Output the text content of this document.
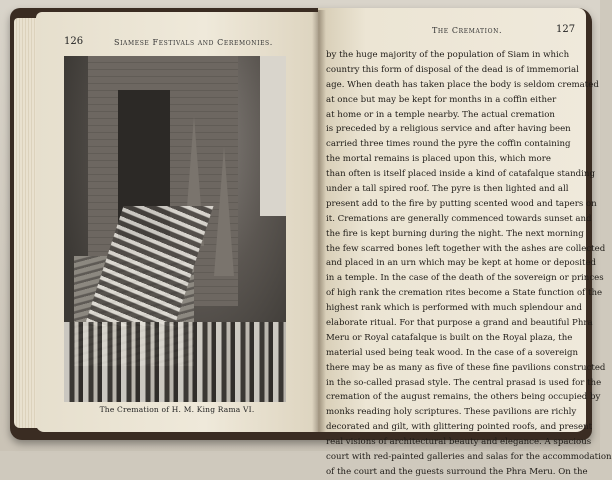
126	Siamese Festivals and Ceremonies.
The Cremation of H. M. King Rama VI.
The Cremation.	127
by the huge majority of the population of Siam in which
country this form of disposal of the dead is of immemorial
age. When death has taken place the body is seldom cremated
at once but may be kept for months in a coffin either
at home or in a temple nearby. The actual cremation
is preceded by a religious service and after having been
carried three times round the pyre the coffin containing
the mortal remains is placed upon this, which more
than often is itself placed inside a kind of catafalque standing
under a tall spired roof. The pyre is then lighted and all
present add to the fire by putting scented wood and tapers on
it. Cremations are generally commenced towards sunset and
the fire is kept burning during the night. The next morning
the few scarred bones left together with the ashes are collected
and placed in an urn which may be kept at home or deposited
in a temple. In the case of the death of the sovereign or princes
of high rank the cremation rites become a State function of the
highest rank which is performed with much splendour and
elaborate ritual. For that purpose a grand and beautiful Phra
Meru or Royal catafalque is built on the Royal plaza, the
material used being teak wood. In the case of a sovereign
there may be as many as five of these fine pavilions constructed
in the so-called prasad style. The central prasad is used for the
cremation of the august remains, the others being occupied by
monks reading holy scriptures. These pavilions are richly
decorated and gilt, with glittering pointed roofs, and present
real visions of architectural beauty and elegance. A spacious
court with red-painted galleries and salas for the accommodation
of the court and the guests surround the Phra Meru. On the
